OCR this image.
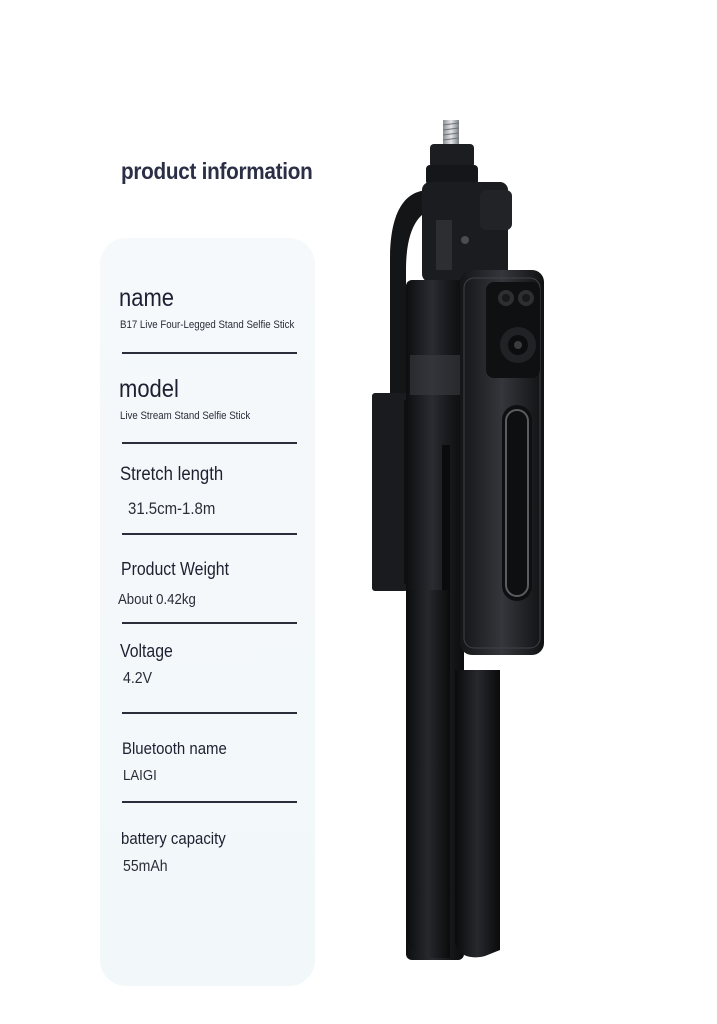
product information
name
B17 Live Four-Legged Stand Selfie Stick
model
Live Stream Stand Selfie Stick
Stretch length
31.5cm-1.8m
Product Weight
About 0.42kg
Voltage
4.2V
Bluetooth name
LAIGI
battery capacity
55mAh
